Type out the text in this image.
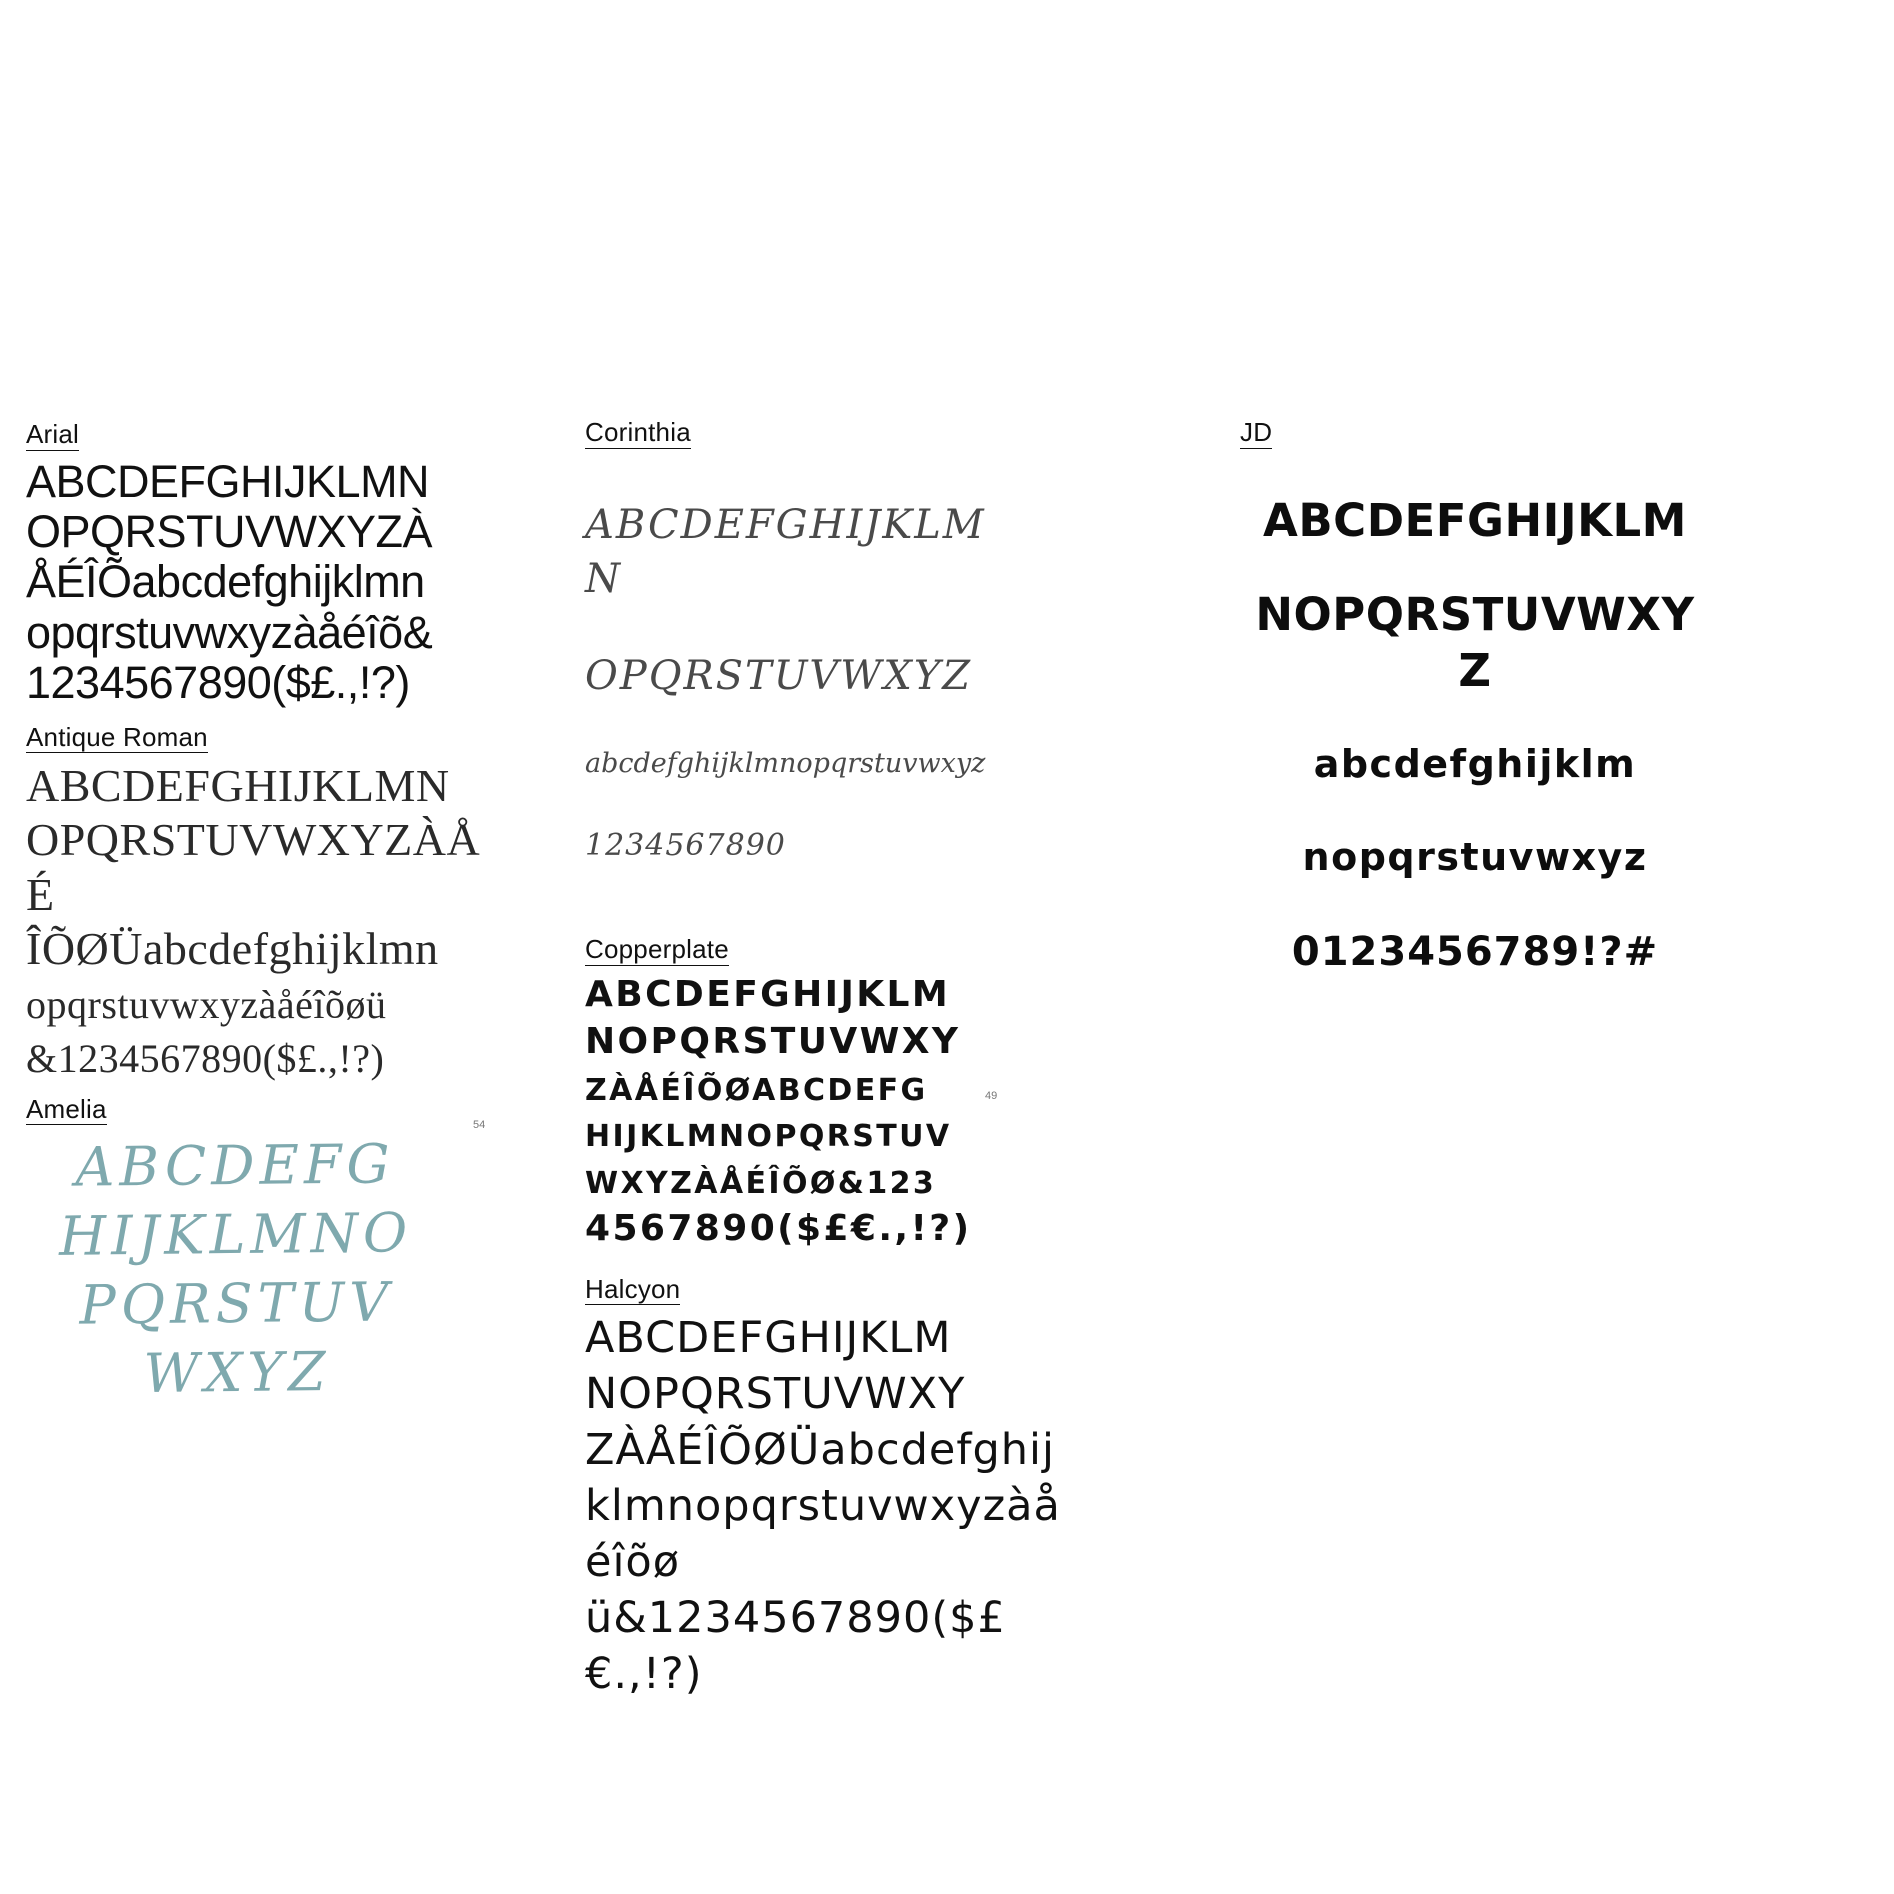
Arial
ABCDEFGHIJKLMN
OPQRSTUVWXYZÀ
ÅÉÎÕabcdefghijklmn
opqrstuvwxyzàåéîõ&
1234567890($£.,!?)
Antique Roman
ABCDEFGHIJKLMN
OPQRSTUVWXYZÀÅÉ
ÎÕØÜabcdefghijklmn
opqrstuvwxyzàåéîõøü
&1234567890($£.,!?)
Amelia
ABCDEFG
HIJKLMNO
PQRSTUV
WXYZ
Corinthia

ABCDEFGHIJKLMN

OPQRSTUVWXYZ

abcdefghijklmnopqrstuvwxyz

1234567890

Copperplate
ABCDEFGHIJKLM
NOPQRSTUVWXY
ZÀÅÉÎÕØABCDEFG
HIJKLMNOPQRSTUV
WXYZÀÅÉÎÕØ&123
4567890($£€.,!?)
Halcyon
ABCDEFGHIJKLM
NOPQRSTUVWXY
ZÀÅÉÎÕØÜabcdefghij
klmnopqrstuvwxyzàåéîõø
ü&1234567890($£€.,!?)
JD

ABCDEFGHIJKLM

NOPQRSTUVWXYZ

abcdefghijklm

nopqrstuvwxyz

0123456789!?#

54
49
